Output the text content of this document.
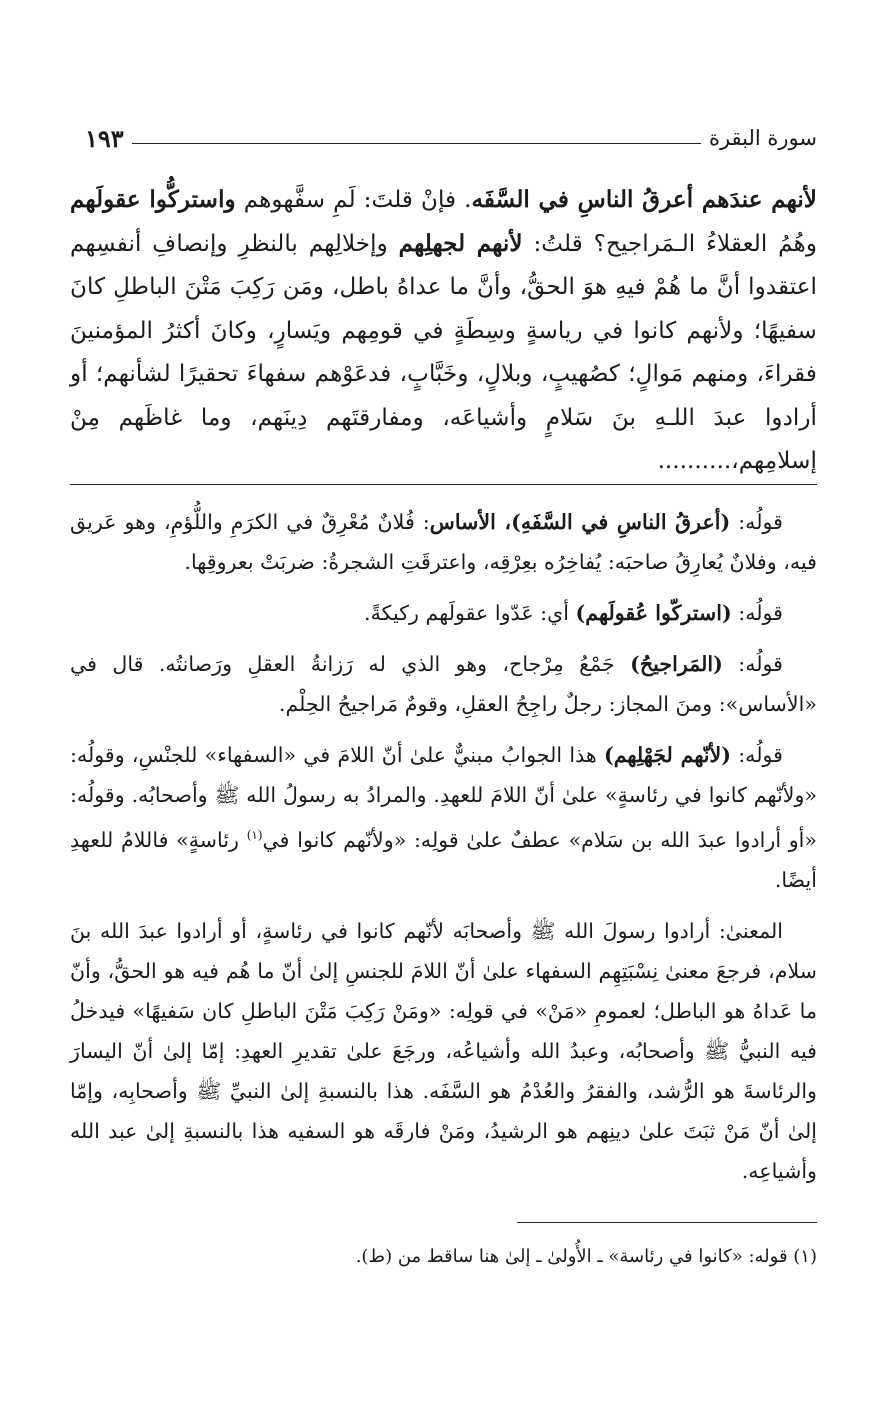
سورة البقرة
١٩٣

لأنهم عندَهم أعرقُ الناسِ في السَّفَه. فإنْ قلتَ: لَمِ سفَّهوهم واستركُّوا عقولَهم وهُمُ العقلاءُ الـمَراجيح؟ قلتُ: لأنهم لجهلِهم وإخلالِهم بالنظرِ وإنصافِ أنفسِهم اعتقدوا أنَّ ما هُمْ فيهِ هوَ الحقُّ، وأنَّ ما عداهُ باطل، ومَن رَكِبَ مَتْنَ الباطلِ كانَ سفيهًا؛ ولأنهم كانوا في رياسةٍ وسِطَةٍ في قومِهم ويَسارٍ، وكانَ أكثرُ المؤمنينَ فقراءَ، ومنهم مَوالٍ؛ كصُهيبٍ، وبلالٍ، وخَبَّابٍ، فدعَوْهم سفهاءَ تحقيرًا لشأنهم؛ أو أرادوا عبدَ اللـهِ بنَ سَلامٍ وأشياعَه، ومفارقتَهم دِينَهم، وما غاظَهم مِنْ إسلامِهم،..........

قولُه: (أعرقُ الناسِ في السَّفَهِ)، الأساس: فُلانٌ مُعْرِقٌ في الكرَمِ واللُّؤمِ، وهو عَريق فيه، وفلانٌ يُعارِقُ صاحبَه: يُفاخِرُه بعِرْقِه، واعترقَتِ الشجرةُ: ضربَتْ بعروقِها.

قولُه: (استركّوا عُقولَهم) أي: عَدّوا عقولَهم ركيكةً.

قولُه: (المَراجيحُ) جَمْعُ مِرْجاح، وهو الذي له رَزانةُ العقلِ ورَصانتُه. قال في «الأساس»: ومنَ المجاز: رجلٌ راجِحُ العقلِ، وقومٌ مَراجيحُ الحِلْم.

قولُه: (لأنّهم لجَهْلِهم) هذا الجوابُ مبنيٌّ علىٰ أنّ اللامَ في «السفهاء» للجنْسِ، وقولُه: «ولأنّهم كانوا في رئاسةٍ» علىٰ أنّ اللامَ للعهدِ. والمرادُ به رسولُ الله ﷺ وأصحابُه. وقولُه: «أو أرادوا عبدَ الله بن سَلام» عطفٌ علىٰ قولِه: «ولأنّهم كانوا في$^{(١)}$ رئاسةٍ» فاللامُ للعهدِ أيضًا.

المعنىٰ: أرادوا رسولَ الله ﷺ وأصحابَه لأنّهم كانوا في رئاسةٍ، أو أرادوا عبدَ الله بنَ سلام، فرجعَ معنىٰ نِسْبَتِهِم السفهاء علىٰ أنّ اللامَ للجنسِ إلىٰ أنّ ما هُم فيه هو الحقُّ، وأنّ ما عَداهُ هو الباطل؛ لعمومِ «مَنْ» في قولِه: «ومَنْ رَكِبَ مَتْنَ الباطلِ كان سَفيهًا» فيدخلُ فيه النبيُّ ﷺ وأصحابُه، وعبدُ الله وأشياعُه، ورجَعَ علىٰ تقديرِ العهدِ: إمّا إلىٰ أنّ اليسارَ والرئاسةَ هو الرُّشد، والفقرُ والعُدْمُ هو السَّفَه. هذا بالنسبةِ إلىٰ النبيِّ ﷺ وأصحابِه، وإمّا إلىٰ أنّ مَنْ ثبَتَ علىٰ دينِهم هو الرشيدُ، ومَنْ فارقَه هو السفيه هذا بالنسبةِ إلىٰ عبد الله وأشياعِه.

(١) قوله: «كانوا في رئاسة» ـ الأُولىٰ ـ إلىٰ هنا ساقط من (ط).
